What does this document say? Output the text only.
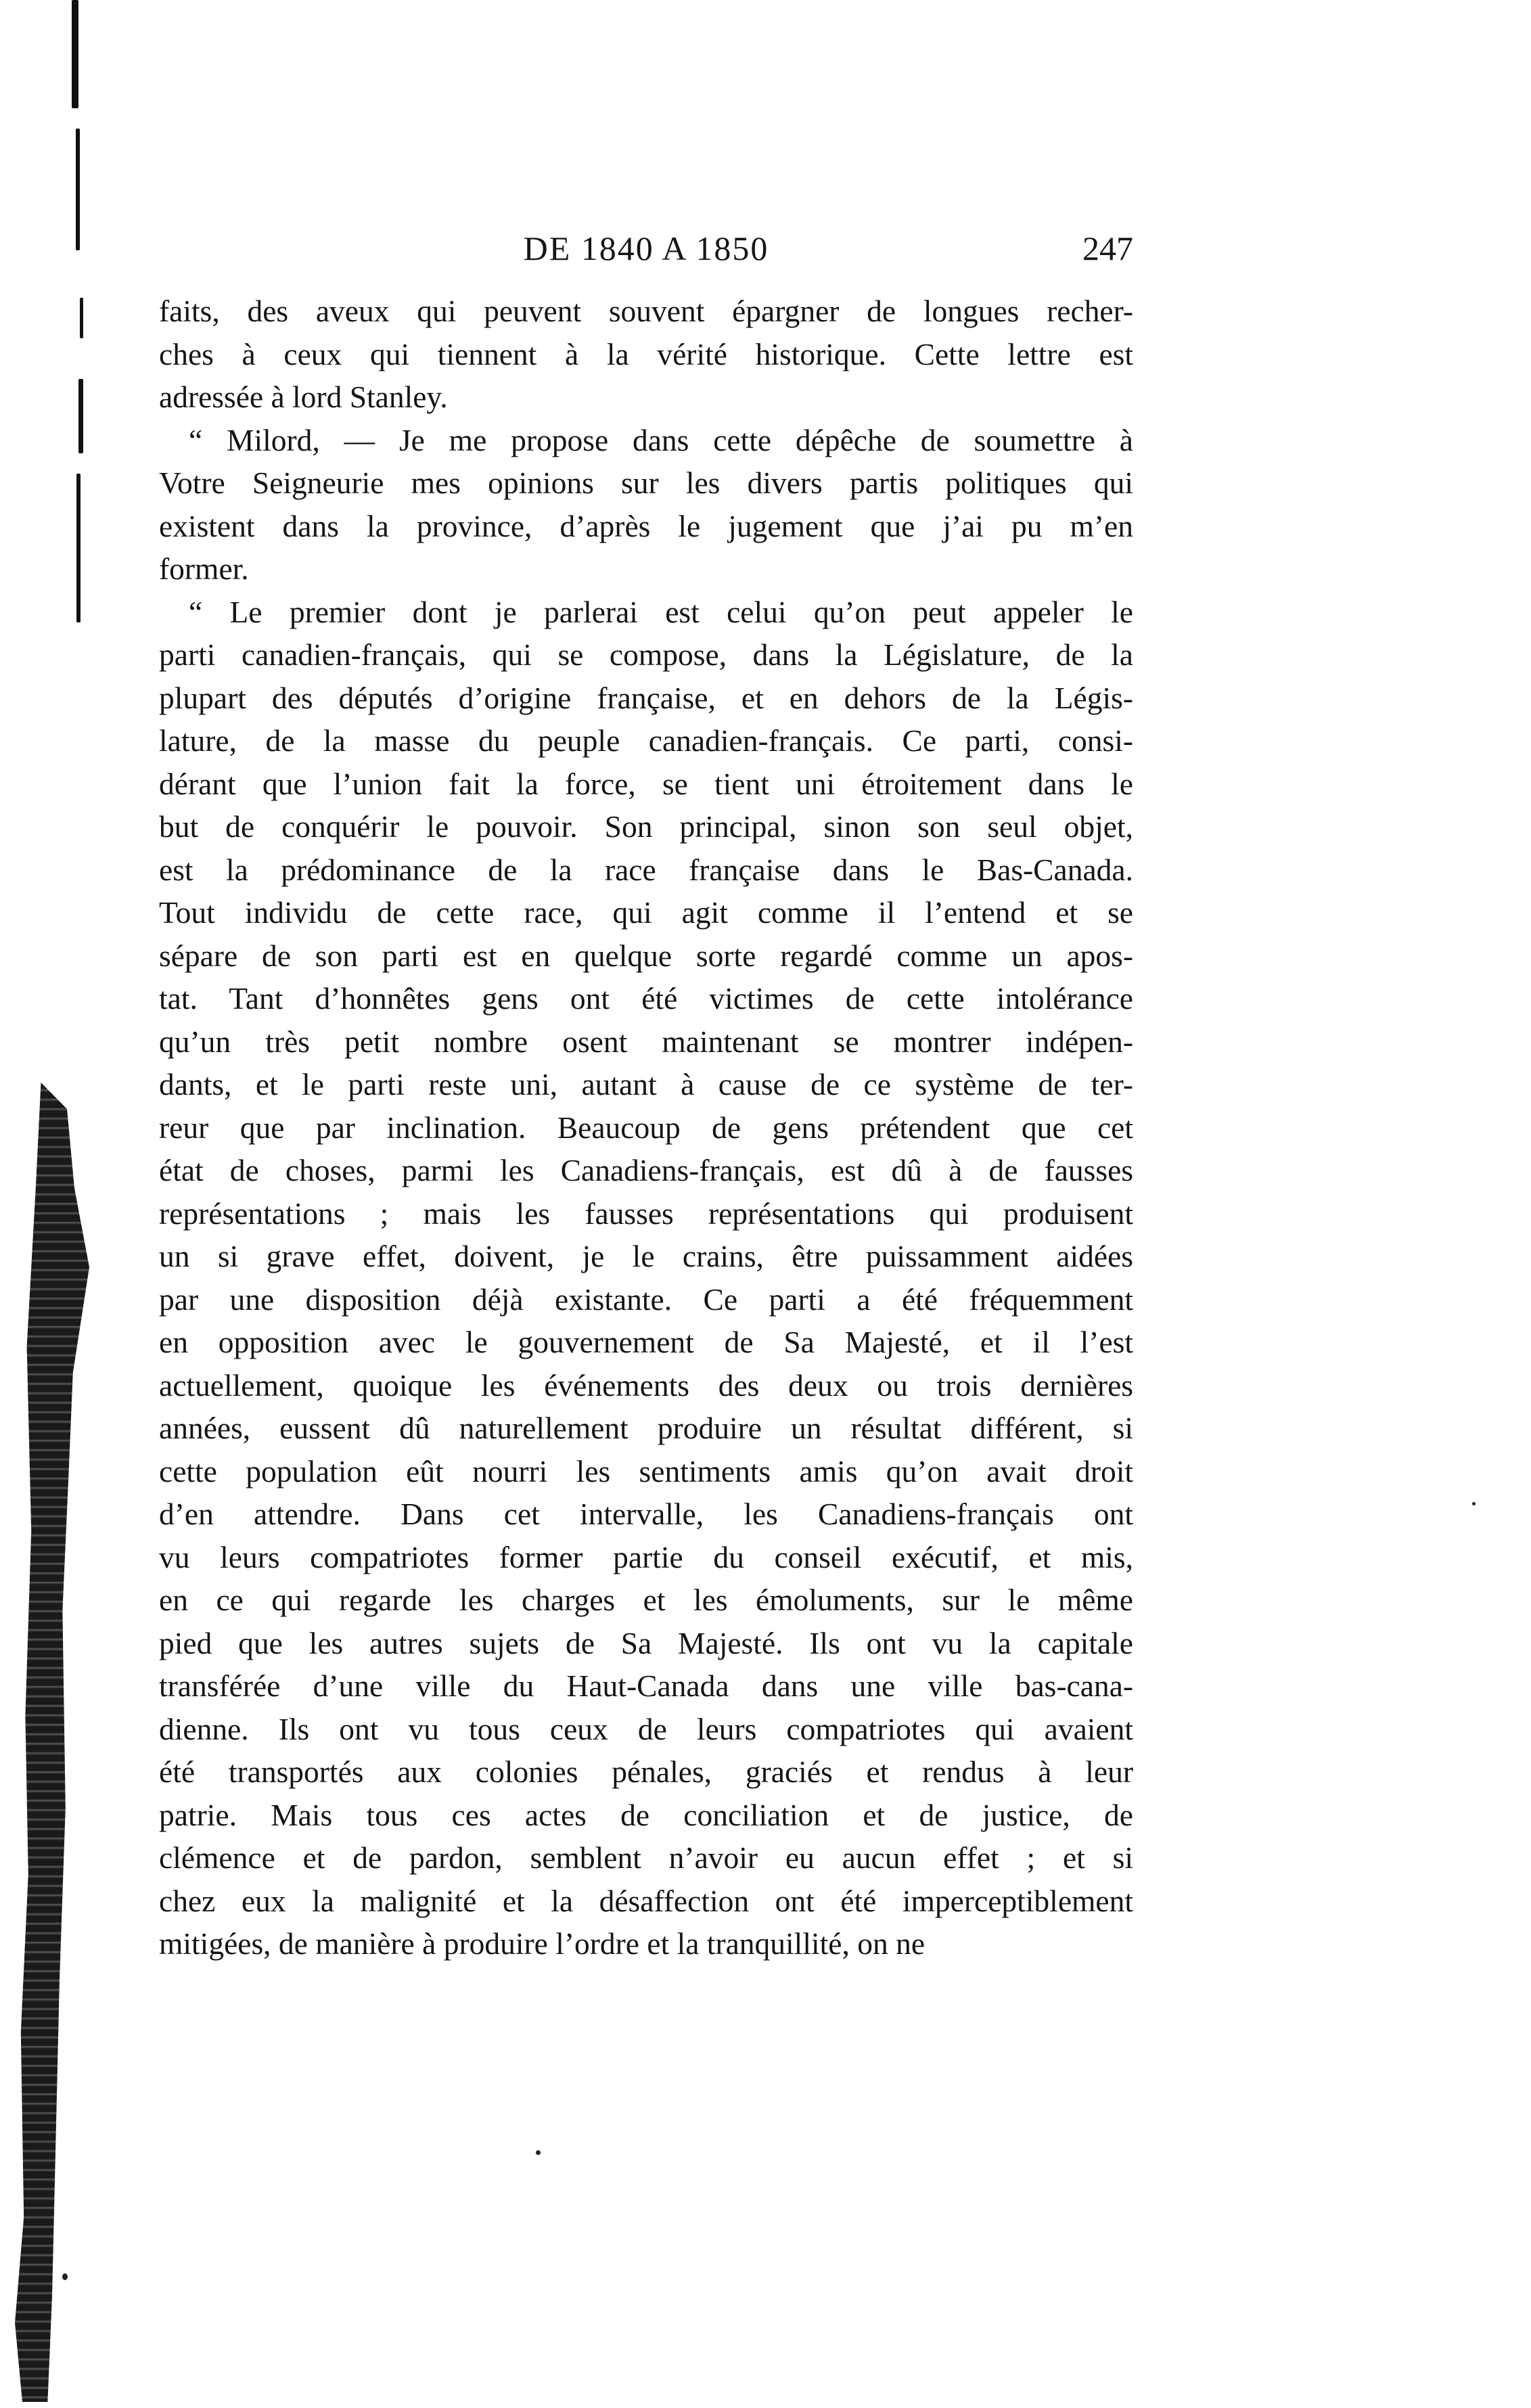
DE 1840 A 1850	247
faits, des aveux qui peuvent souvent épargner de longues recher-
ches à ceux qui tiennent à la vérité historique. Cette lettre est
adressée à lord Stanley.
“ Milord, — Je me propose dans cette dépêche de soumettre à
Votre Seigneurie mes opinions sur les divers partis politiques qui
existent dans la province, d’après le jugement que j’ai pu m’en
former.
“ Le premier dont je parlerai est celui qu’on peut appeler le
parti canadien-français, qui se compose, dans la Législature, de la
plupart des députés d’origine française, et en dehors de la Légis-
lature, de la masse du peuple canadien-français. Ce parti, consi-
dérant que l’union fait la force, se tient uni étroitement dans le
but de conquérir le pouvoir. Son principal, sinon son seul objet,
est la prédominance de la race française dans le Bas-Canada.
Tout individu de cette race, qui agit comme il l’entend et se
sépare de son parti est en quelque sorte regardé comme un apos-
tat. Tant d’honnêtes gens ont été victimes de cette intolérance
qu’un très petit nombre osent maintenant se montrer indépen-
dants, et le parti reste uni, autant à cause de ce système de ter-
reur que par inclination. Beaucoup de gens prétendent que cet
état de choses, parmi les Canadiens-français, est dû à de fausses
représentations ; mais les fausses représentations qui produisent
un si grave effet, doivent, je le crains, être puissamment aidées
par une disposition déjà existante. Ce parti a été fréquemment
en opposition avec le gouvernement de Sa Majesté, et il l’est
actuellement, quoique les événements des deux ou trois dernières
années, eussent dû naturellement produire un résultat différent, si
cette population eût nourri les sentiments amis qu’on avait droit
d’en attendre. Dans cet intervalle, les Canadiens-français ont
vu leurs compatriotes former partie du conseil exécutif, et mis,
en ce qui regarde les charges et les émoluments, sur le même
pied que les autres sujets de Sa Majesté. Ils ont vu la capitale
transférée d’une ville du Haut-Canada dans une ville bas-cana-
dienne. Ils ont vu tous ceux de leurs compatriotes qui avaient
été transportés aux colonies pénales, graciés et rendus à leur
patrie. Mais tous ces actes de conciliation et de justice, de
clémence et de pardon, semblent n’avoir eu aucun effet ; et si
chez eux la malignité et la désaffection ont été imperceptiblement
mitigées, de manière à produire l’ordre et la tranquillité, on ne
